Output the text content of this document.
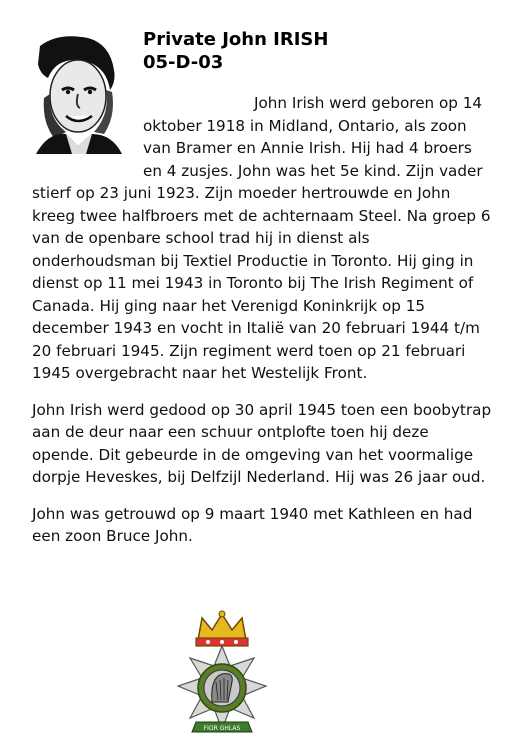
Private John IRISH
05-D-03

John Irish werd geboren op 14 oktober 1918 in Midland, Ontario, als zoon van Bramer en Annie Irish. Hij had 4 broers en 4 zusjes. John was het 5e kind. Zijn vader stierf op 23 juni 1923. Zijn moeder hertrouwde en John kreeg twee halfbroers met de achternaam Steel. Na groep 6 van de openbare school trad hij in dienst als onderhoudsman bij Textiel Productie in Toronto. Hij ging in dienst op 11 mei 1943 in Toronto bij The Irish Regiment of Canada. Hij ging naar het Verenigd Koninkrijk op 15 december 1943 en vocht in Italië van 20 februari 1944 t/m 20 februari 1945. Zijn regiment werd toen op 21 februari 1945 overgebracht naar het Westelijk Front.

John Irish werd gedood op 30 april 1945 toen een boobytrap aan de deur naar een schuur ontplofte toen hij deze opende. Dit gebeurde in de omgeving van het voormalige dorpje Heveskes, bij Delfzijl Nederland. Hij was 26 jaar oud.

John was getrouwd op 9 maart 1940 met Kathleen en had een zoon Bruce John.

FIOR GHLAS
